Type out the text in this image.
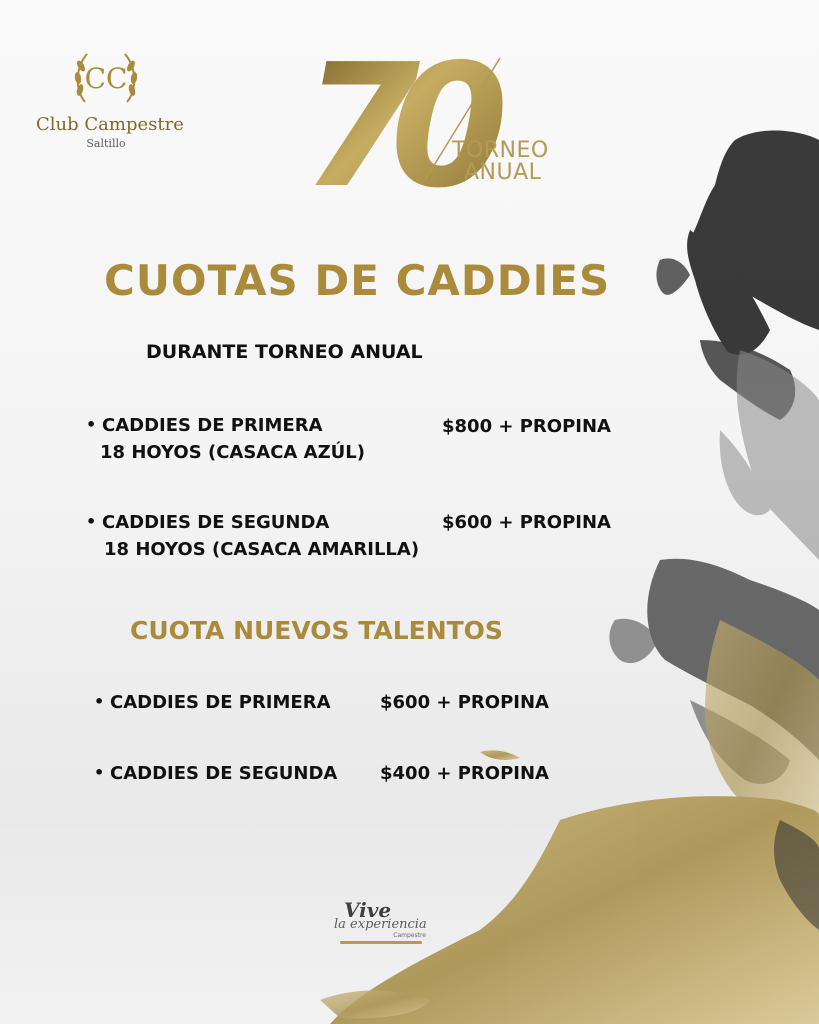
CC
Club Campestre
Saltillo 70
TORNEO
ANUAL
CUOTAS DE CADDIES
DURANTE TORNEO ANUAL
• CADDIES DE PRIMERA
18 HOYOS (CASACA AZÚL)
$800 + PROPINA
• CADDIES DE SEGUNDA
18 HOYOS (CASACA AMARILLA)
$600 + PROPINA
CUOTA NUEVOS TALENTOS
• CADDIES DE PRIMERA	$600 + PROPINA
• CADDIES DE SEGUNDA $400 + PROPINA
Vive
la experiencia
Campestre
